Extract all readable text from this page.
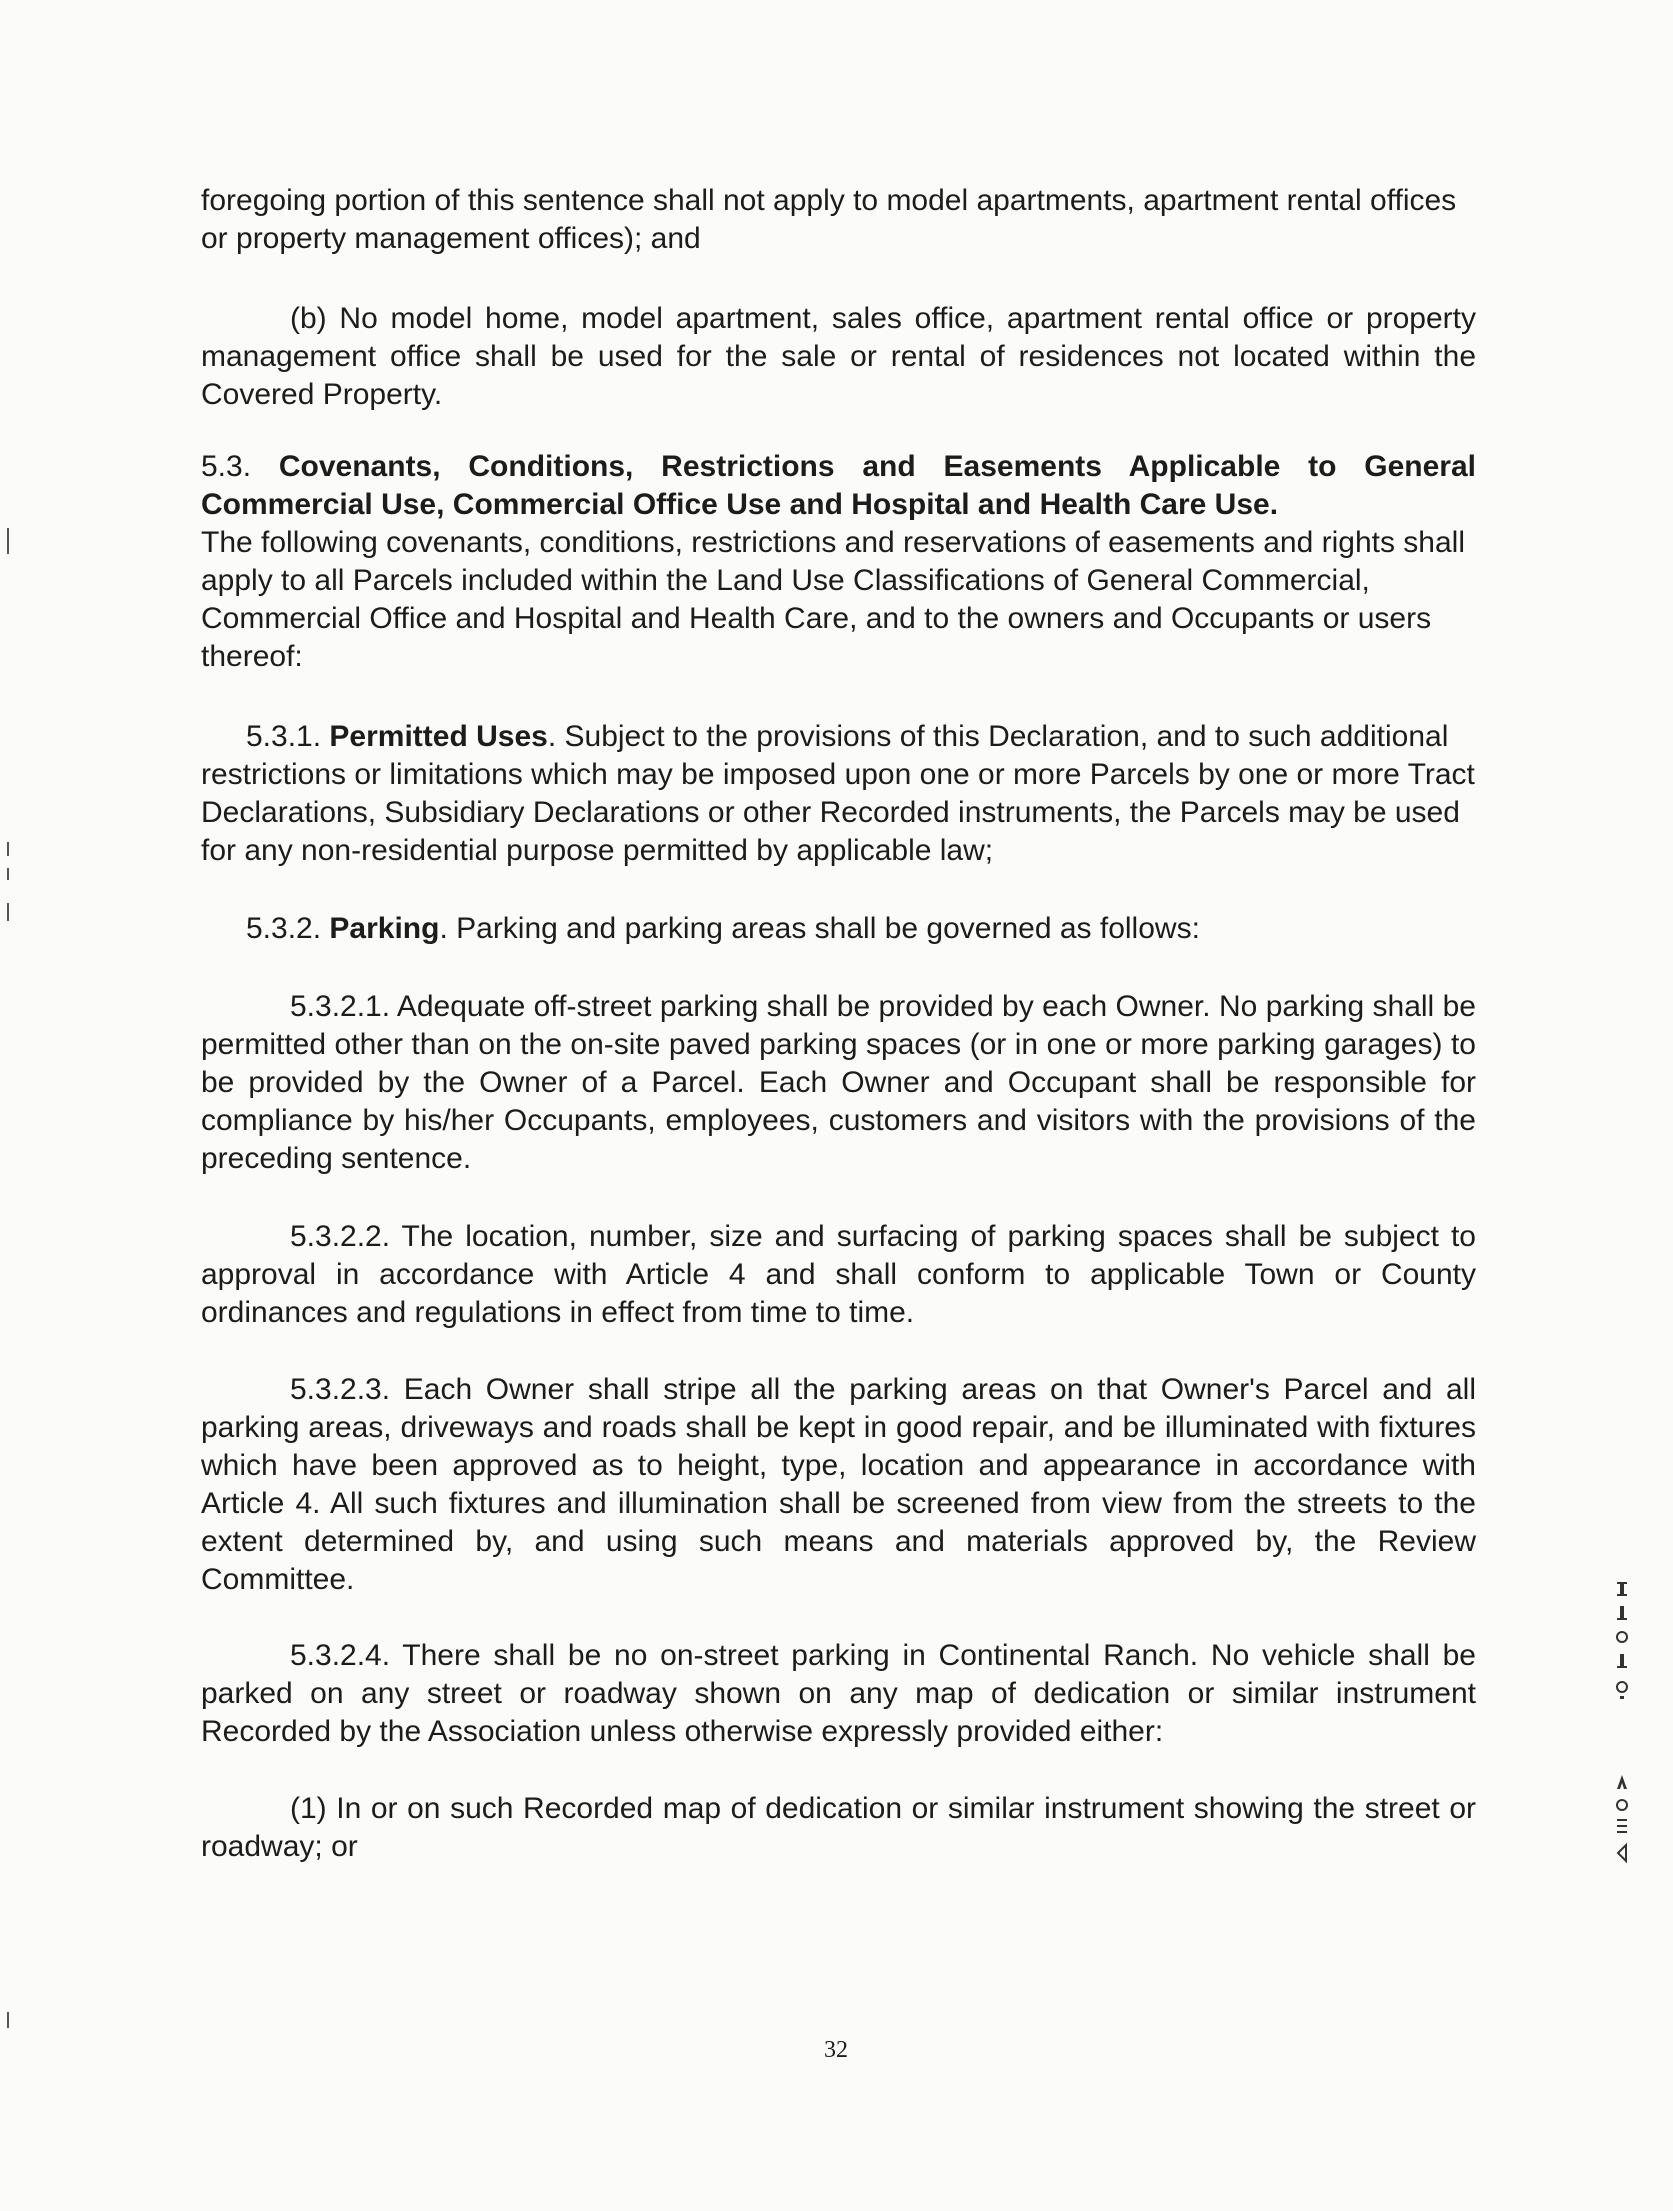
foregoing portion of this sentence shall not apply to model apartments, apartment rental offices or property management offices); and

(b) No model home, model apartment, sales office, apartment rental office or property management office shall be used for the sale or rental of residences not located within the Covered Property.

5.3. Covenants, Conditions, Restrictions and Easements Applicable to General Commercial Use, Commercial Office Use and Hospital and Health Care Use.
The following covenants, conditions, restrictions and reservations of easements and rights shall apply to all Parcels included within the Land Use Classifications of General Commercial, Commercial Office and Hospital and Health Care, and to the owners and Occupants or users thereof:

5.3.1. Permitted Uses. Subject to the provisions of this Declaration, and to such additional restrictions or limitations which may be imposed upon one or more Parcels by one or more Tract Declarations, Subsidiary Declarations or other Recorded instruments, the Parcels may be used for any non-residential purpose permitted by applicable law;

5.3.2. Parking. Parking and parking areas shall be governed as follows:

5.3.2.1. Adequate off-street parking shall be provided by each Owner. No parking shall be permitted other than on the on-site paved parking spaces (or in one or more parking garages) to be provided by the Owner of a Parcel. Each Owner and Occupant shall be responsible for compliance by his/her Occupants, employees, customers and visitors with the provisions of the preceding sentence.

5.3.2.2. The location, number, size and surfacing of parking spaces shall be subject to approval in accordance with Article 4 and shall conform to applicable Town or County ordinances and regulations in effect from time to time.

5.3.2.3. Each Owner shall stripe all the parking areas on that Owner's Parcel and all parking areas, driveways and roads shall be kept in good repair, and be illuminated with fixtures which have been approved as to height, type, location and appearance in accordance with Article 4. All such fixtures and illumination shall be screened from view from the streets to the extent determined by, and using such means and materials approved by, the Review Committee.

5.3.2.4. There shall be no on-street parking in Continental Ranch. No vehicle shall be parked on any street or roadway shown on any map of dedication or similar instrument Recorded by the Association unless otherwise expressly provided either:

(1) In or on such Recorded map of dedication or similar instrument showing the street or roadway; or

32
